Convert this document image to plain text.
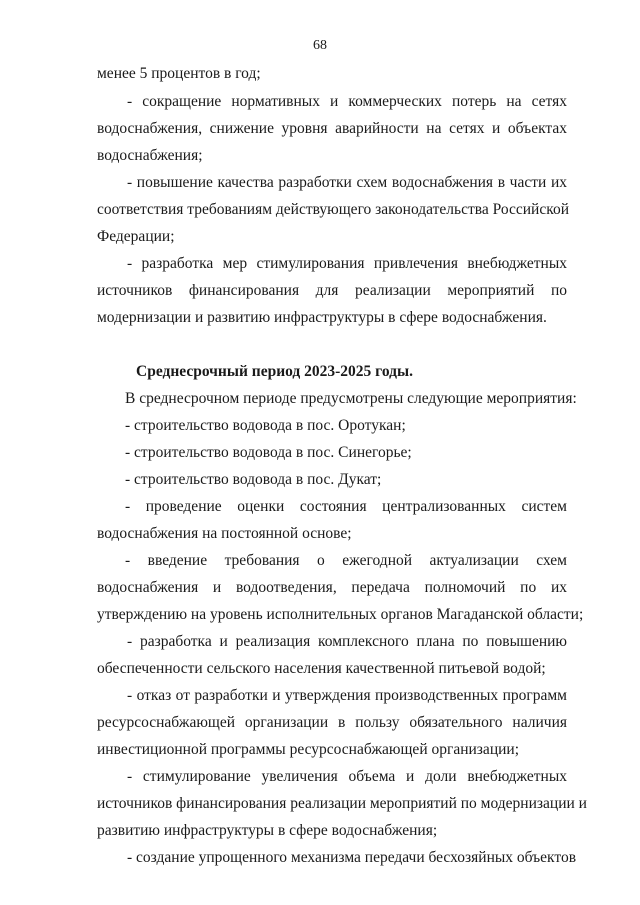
68
менее 5 процентов в год;
- сокращение нормативных и коммерческих потерь на сетях
водоснабжения, снижение уровня аварийности на сетях и объектах
водоснабжения;
- повышение качества разработки схем водоснабжения в части их
соответствия требованиям действующего законодательства Российской
Федерации;
- разработка мер стимулирования привлечения внебюджетных
источников финансирования для реализации мероприятий по
модернизации и развитию инфраструктуры в сфере водоснабжения.
Среднесрочный период 2023-2025 годы.
В среднесрочном периоде предусмотрены следующие мероприятия:
- строительство водовода в пос. Оротукан;
- строительство водовода в пос. Синегорье;
- строительство водовода в пос. Дукат;
- проведение оценки состояния централизованных систем
водоснабжения на постоянной основе;
- введение требования о ежегодной актуализации схем
водоснабжения и водоотведения, передача полномочий по их
утверждению на уровень исполнительных органов Магаданской области;
- разработка и реализация комплексного плана по повышению
обеспеченности сельского населения качественной питьевой водой;
- отказ от разработки и утверждения производственных программ
ресурсоснабжающей организации в пользу обязательного наличия
инвестиционной программы ресурсоснабжающей организации;
- стимулирование увеличения объема и доли внебюджетных
источников финансирования реализации мероприятий по модернизации и
развитию инфраструктуры в сфере водоснабжения;
- создание упрощенного механизма передачи бесхозяйных объектов
